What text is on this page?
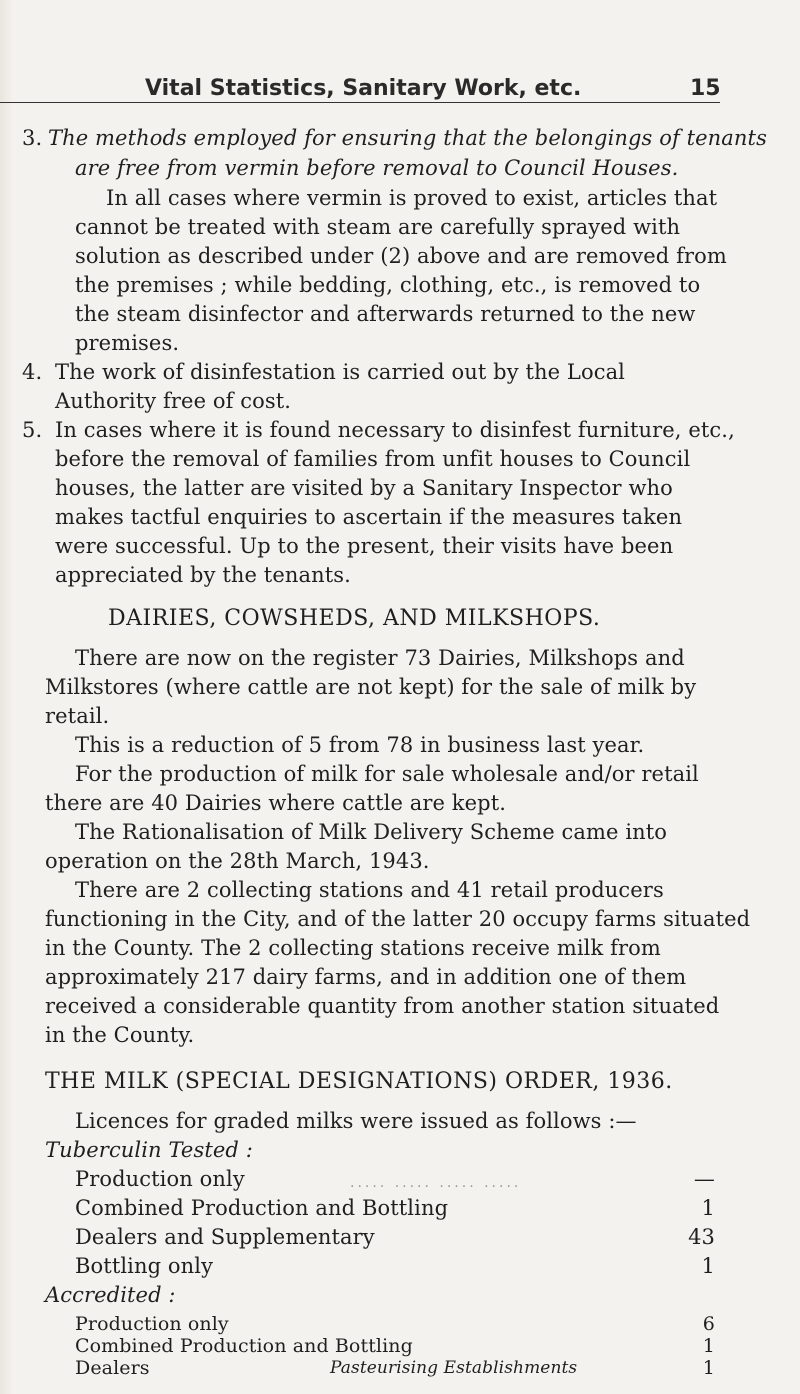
Vital Statistics, Sanitary Work, etc.	15
3. The methods employed for ensuring that the belongings of tenants
are free from vermin before removal to Council Houses.
In all cases where vermin is proved to exist, articles that
cannot be treated with steam are carefully sprayed with
solution as described under (2) above and are removed from
the premises ; while bedding, clothing, etc., is removed to
the steam disinfector and afterwards returned to the new
premises.
4. The work of disinfestation is carried out by the Local
Authority free of cost.
5. In cases where it is found necessary to disinfest furniture, etc.,
before the removal of families from unfit houses to Council
houses, the latter are visited by a Sanitary Inspector who
makes tactful enquiries to ascertain if the measures taken
were successful. Up to the present, their visits have been
appreciated by the tenants.
DAIRIES, COWSHEDS, AND MILKSHOPS.
There are now on the register 73 Dairies, Milkshops and
Milkstores (where cattle are not kept) for the sale of milk by
retail.
This is a reduction of 5 from 78 in business last year.
For the production of milk for sale wholesale and/or retail
there are 40 Dairies where cattle are kept.
The Rationalisation of Milk Delivery Scheme came into
operation on the 28th March, 1943.
There are 2 collecting stations and 41 retail producers
functioning in the City, and of the latter 20 occupy farms situated
in the County. The 2 collecting stations receive milk from
approximately 217 dairy farms, and in addition one of them
received a considerable quantity from another station situated
in the County.
THE MILK (SPECIAL DESIGNATIONS) ORDER, 1936.
Licences for graded milks were issued as follows :—
Tuberculin Tested :
Production only	..... ..... ..... .....	—
Combined Production and Bottling	1
Dealers and Supplementary	43
Bottling only	1
Accredited :
Production only	6
Combined Production and Bottling	1
Dealers	1
Pasteurising Establishments
